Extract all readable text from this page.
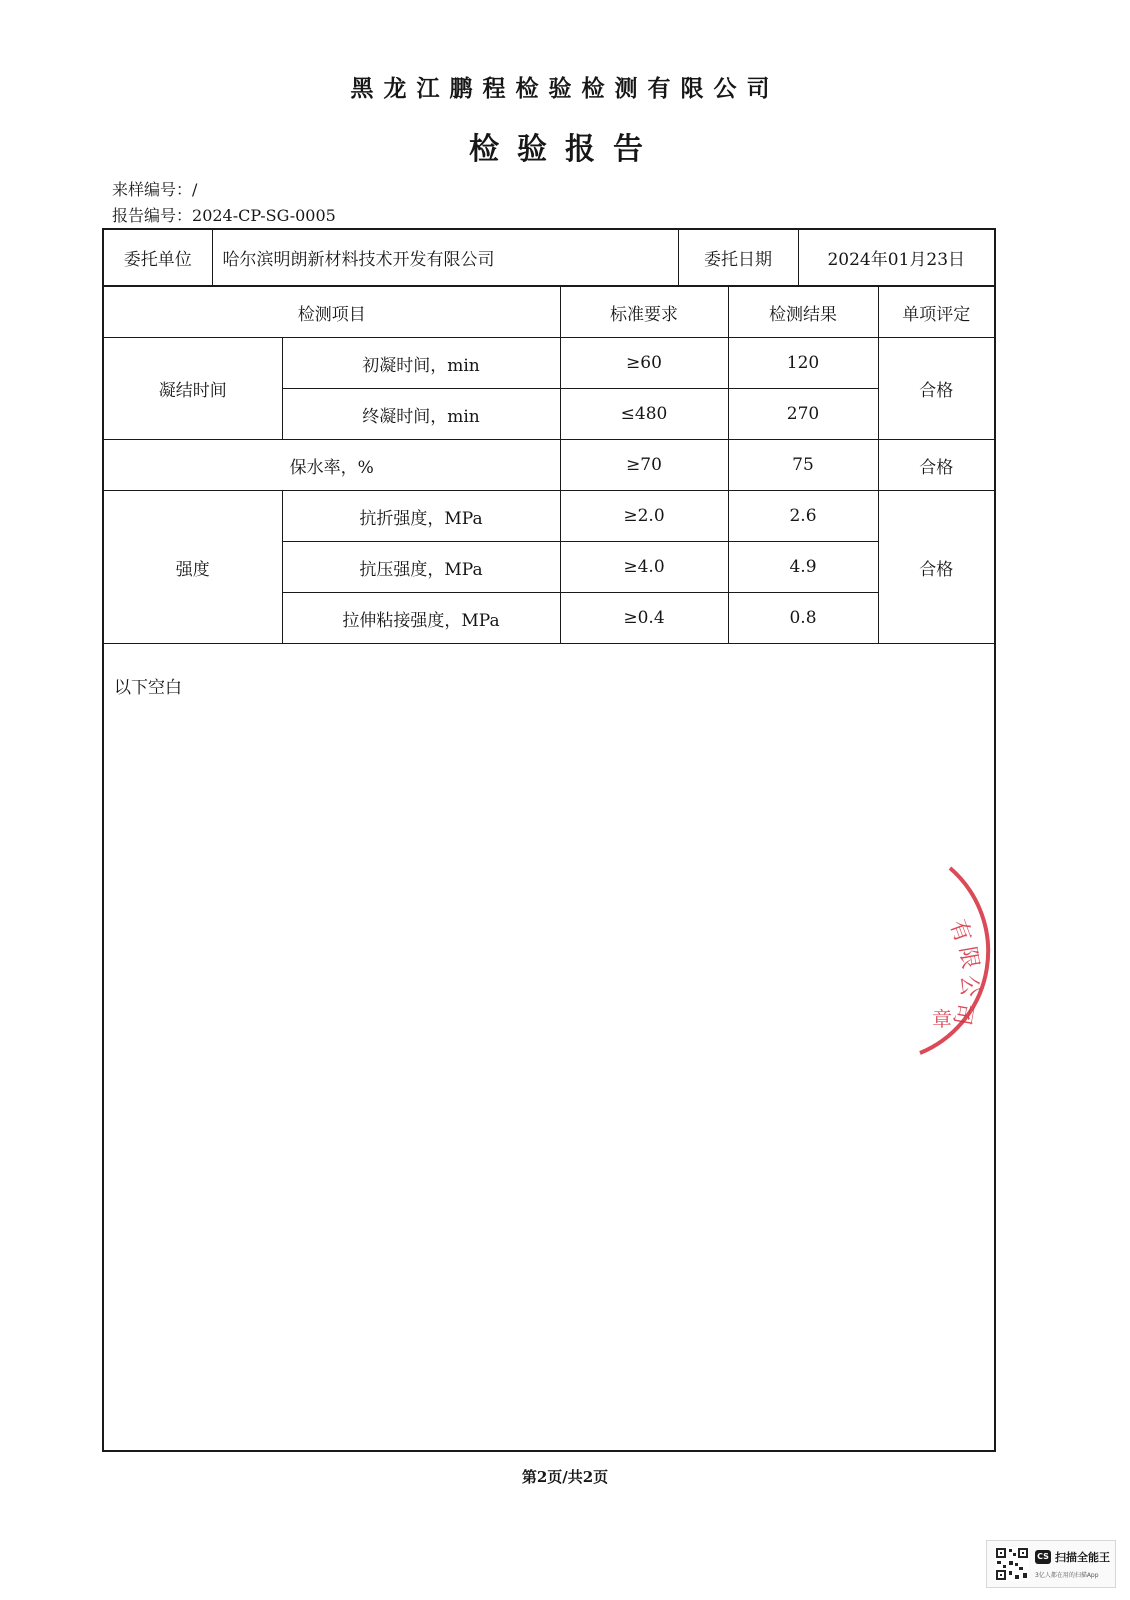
黑龙江鹏程检验检测有限公司
检验报告
来样编号：/
报告编号：2024-CP-SG-0005
委托单位	哈尔滨明朗新材料技术开发有限公司	委托日期	2024年01月23日
检测项目		标准要求	检测结果	单项评定
凝结时间	初凝时间，min	≥60	120	合格
	终凝时间，min	≤480	270	
保水率，%		≥70	75	合格
强度	抗折强度，MPa	≥2.0	2.6	合格
	抗压强度，MPa	≥4.0	4.9	
	拉伸粘接强度，MPa	≥0.4	0.8	
以下空白
有
限
公
司
章
第2页/共2页
CS 扫描全能王
3亿人都在用的扫描App
